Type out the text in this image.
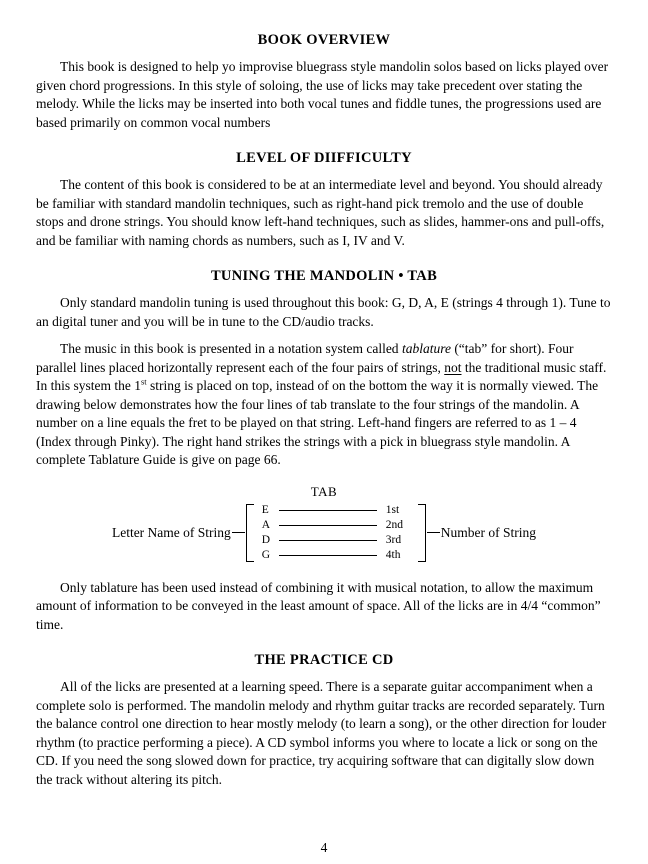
BOOK OVERVIEW

This book is designed to help yo improvise bluegrass style mandolin solos based on licks played over given chord progressions. In this style of soloing, the use of licks may take precedent over stating the melody. While the licks may be inserted into both vocal tunes and fiddle tunes, the progressions used are based primarily on common vocal numbers

LEVEL OF DIIFFICULTY

The content of this book is considered to be at an intermediate level and beyond. You should already be familiar with standard mandolin techniques, such as right-hand pick tremolo and the use of double stops and drone strings. You should know left-hand techniques, such as slides, hammer-ons and pull-offs, and be familiar with naming chords as numbers, such as I, IV and V.

TUNING THE MANDOLIN • TAB

Only standard mandolin tuning is used throughout this book: G, D, A, E (strings 4 through 1). Tune to an digital tuner and you will be in tune to the CD/audio tracks.

The music in this book is presented in a notation system called tablature (“tab” for short). Four parallel lines placed horizontally represent each of the four pairs of strings, not the traditional music staff. In this system the 1st string is placed on top, instead of on the bottom the way it is normally viewed. The drawing below demonstrates how the four lines of tab translate to the four strings of the mandolin. A number on a line equals the fret to be played on that string. Left-hand fingers are referred to as 1 – 4 (Index through Pinky). The right hand strikes the strings with a pick in bluegrass style mandolin. A complete Tablature Guide is give on page 66.

TAB
Letter Name of String
E	1st
A	2nd
D	3rd
G	4th
Number of String

Only tablature has been used instead of combining it with musical notation, to allow the maximum amount of information to be conveyed in the least amount of space. All of the licks are in 4/4 “common” time.

THE PRACTICE CD

All of the licks are presented at a learning speed. There is a separate guitar accompaniment when a complete solo is performed. The mandolin melody and rhythm guitar tracks are recorded separately. Turn the balance control one direction to hear mostly melody (to learn a song), or the other direction for louder rhythm (to practice performing a piece). A CD symbol informs you where to locate a lick or song on the CD. If you need the song slowed down for practice, try acquiring software that can digitally slow down the track without altering its pitch.

4
